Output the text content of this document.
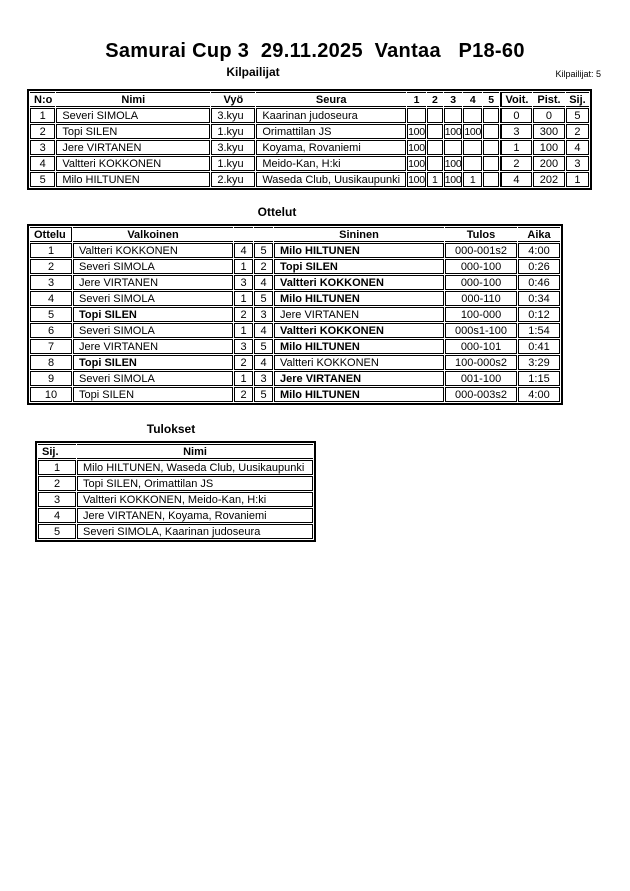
Samurai Cup 3  29.11.2025  Vantaa   P18-60
Kilpailijat	Kilpailijat: 5
N:o	Nimi	Vyö	Seura	1	2	3	4	5	Voit.	Pist.	Sij.
1	Severi SIMOLA	3.kyu	Kaarinan judoseura						0	0	5
2	Topi SILEN	1.kyu	Orimattilan JS	100		100	100		3	300	2
3	Jere VIRTANEN	3.kyu	Koyama, Rovaniemi	100					1	100	4
4	Valtteri KOKKONEN	1.kyu	Meido-Kan, H:ki	100		100			2	200	3
5	Milo HILTUNEN	2.kyu	Waseda Club, Uusikaupunki	100	1	100	1		4	202	1
Ottelut
Ottelu	Valkoinen			Sininen	Tulos	Aika
1	Valtteri KOKKONEN	4	5	Milo HILTUNEN	000-001s2	4:00
2	Severi SIMOLA	1	2	Topi SILEN	000-100	0:26
3	Jere VIRTANEN	3	4	Valtteri KOKKONEN	000-100	0:46
4	Severi SIMOLA	1	5	Milo HILTUNEN	000-110	0:34
5	Topi SILEN	2	3	Jere VIRTANEN	100-000	0:12
6	Severi SIMOLA	1	4	Valtteri KOKKONEN	000s1-100	1:54
7	Jere VIRTANEN	3	5	Milo HILTUNEN	000-101	0:41
8	Topi SILEN	2	4	Valtteri KOKKONEN	100-000s2	3:29
9	Severi SIMOLA	1	3	Jere VIRTANEN	001-100	1:15
10	Topi SILEN	2	5	Milo HILTUNEN	000-003s2	4:00
Tulokset
Sij.	Nimi
1	Milo HILTUNEN, Waseda Club, Uusikaupunki
2	Topi SILEN, Orimattilan JS
3	Valtteri KOKKONEN, Meido-Kan, H:ki
4	Jere VIRTANEN, Koyama, Rovaniemi
5	Severi SIMOLA, Kaarinan judoseura
